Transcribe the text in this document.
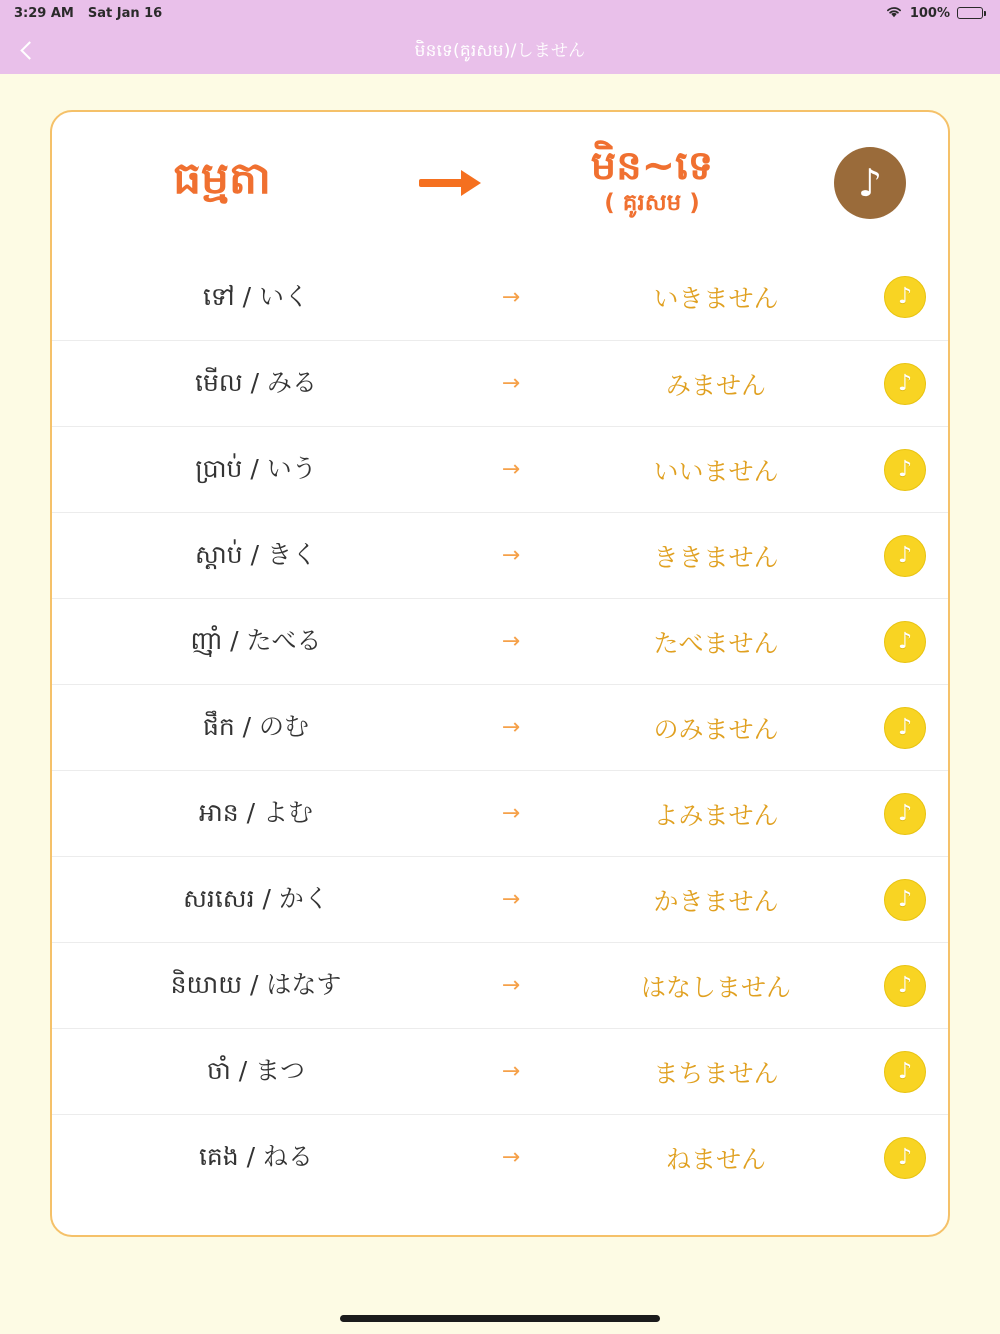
3:29 AM Sat Jan 16	100%
មិនទេ(គូរសម)/しません
ធម្មតា	មិន~ទេ
( គូរសម )	♪
ទៅ / いく	→	いきません	♪
មើល / みる	→	みません	♪
ប្រាប់ / いう	→	いいません	♪
ស្ដាប់ / きく	→	ききません	♪
ញ៉ាំ / たべる	→	たべません	♪
ផឹក / のむ	→	のみません	♪
អាន / よむ	→	よみません	♪
សរសេរ / かく	→	かきません	♪
និយាយ / はなす	→	はなしません	♪
ចាំ / まつ	→	まちません	♪
គេង / ねる	→	ねません	♪
